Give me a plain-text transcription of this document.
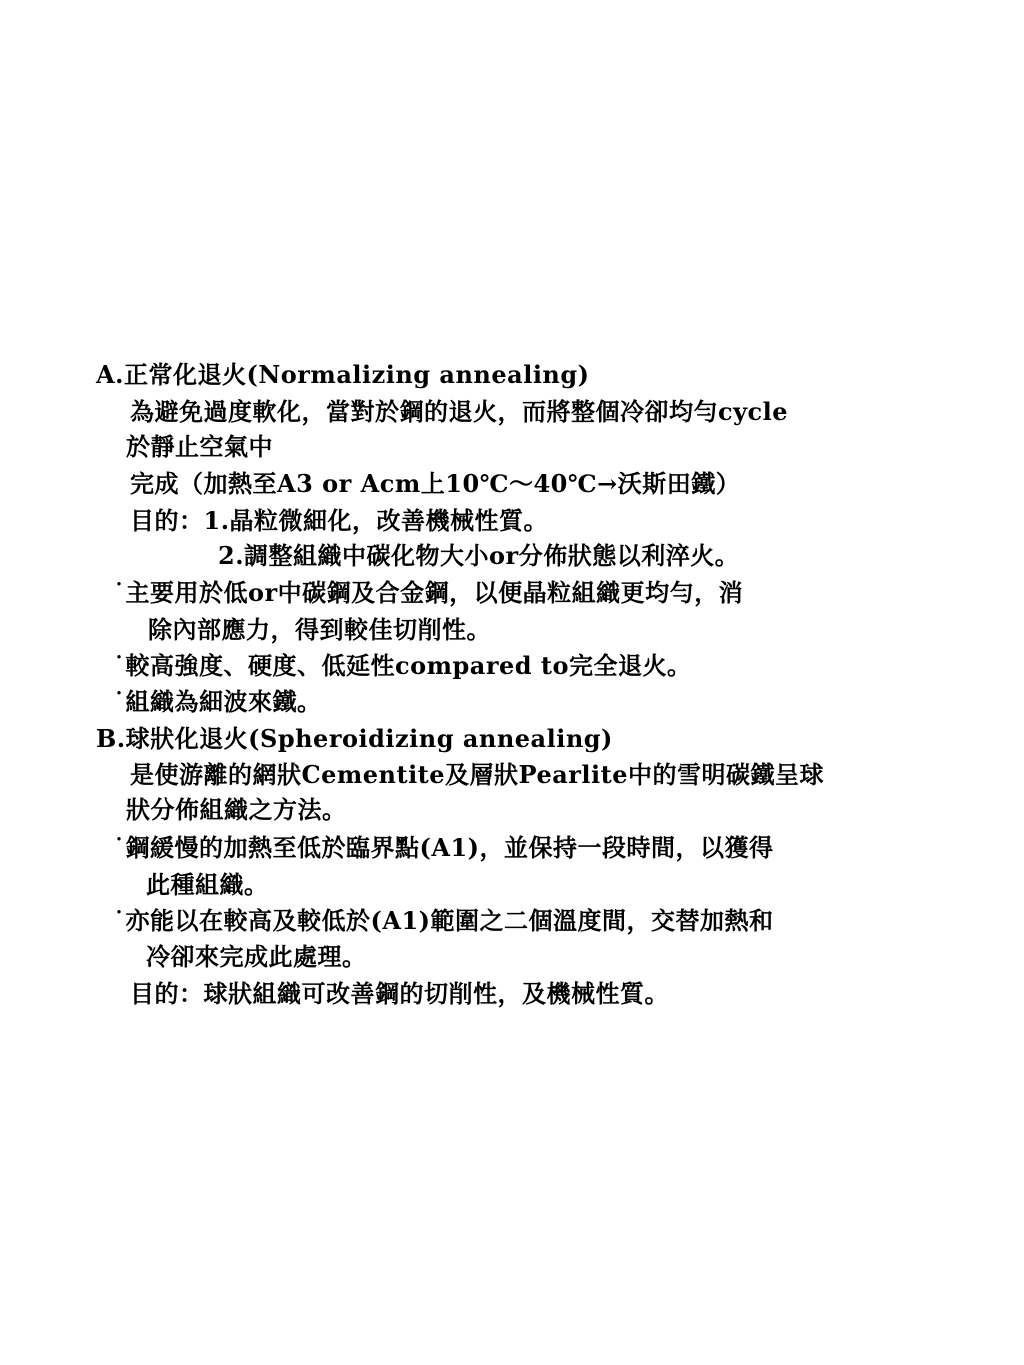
A.正常化退火(Normalizing annealing)
為避免過度軟化，當對於鋼的退火，而將整個冷卻均勻cycle
於靜止空氣中
完成（加熱至A3 or Acm上10℃～40℃→沃斯田鐵）
目的：1.晶粒微細化，改善機械性質。
2.調整組織中碳化物大小or分佈狀態以利淬火。
˙主要用於低or中碳鋼及合金鋼，以便晶粒組織更均勻，消
除內部應力，得到較佳切削性。
˙較高強度、硬度、低延性compared to完全退火。
˙組織為細波來鐵。
B.球狀化退火(Spheroidizing annealing)
是使游離的網狀Cementite及層狀Pearlite中的雪明碳鐵呈球
狀分佈組織之方法。
˙鋼緩慢的加熱至低於臨界點(A1)，並保持一段時間，以獲得
此種組織。
˙亦能以在較高及較低於(A1)範圍之二個溫度間，交替加熱和
冷卻來完成此處理。
目的：球狀組織可改善鋼的切削性，及機械性質。
